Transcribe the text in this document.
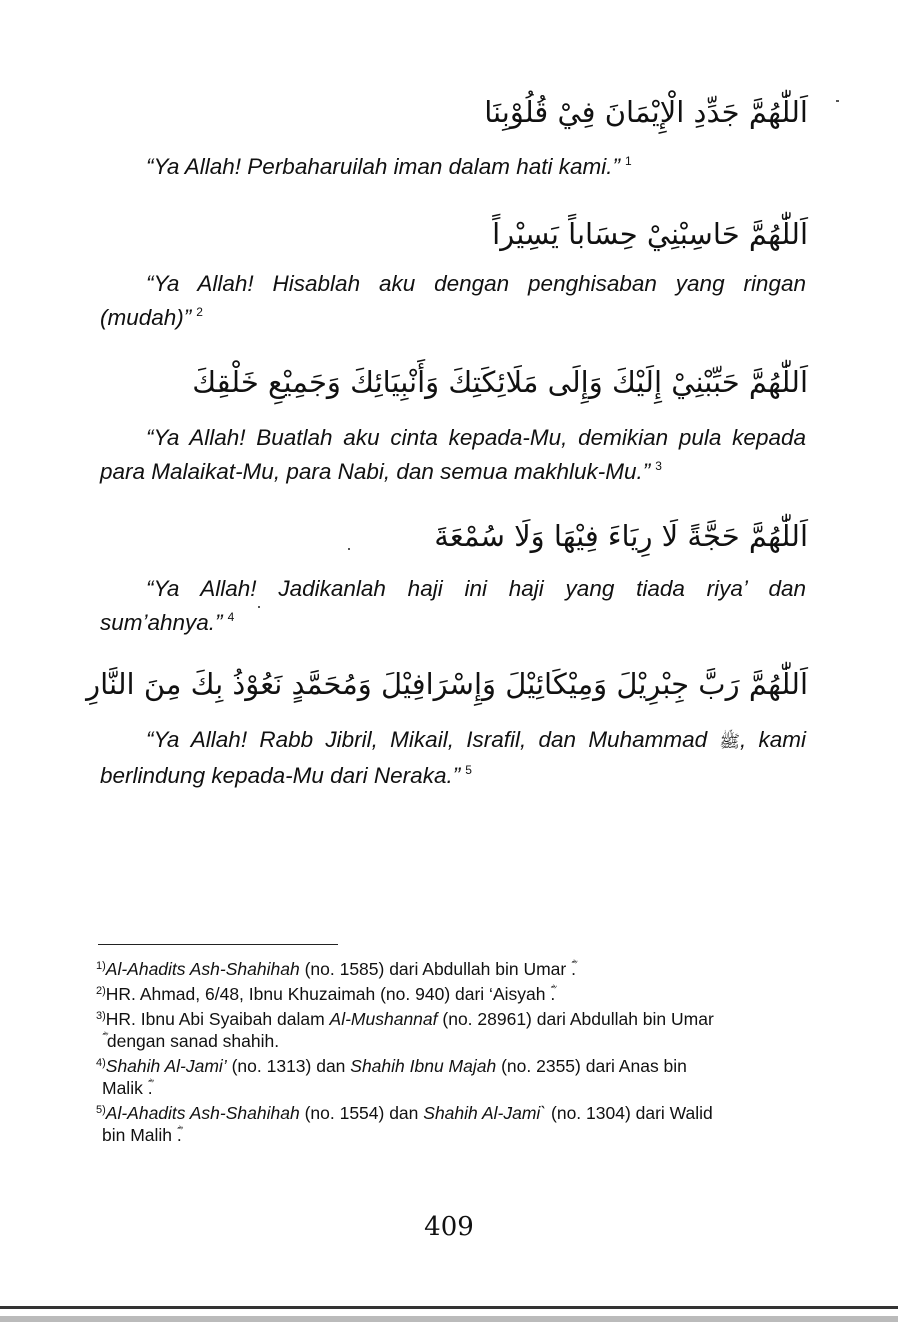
اَللّٰهُمَّ جَدِّدِ الْإِيْمَانَ فِيْ قُلُوْبِنَا
“Ya Allah! Perbaharuilah iman dalam hati kami.” $^1$
اَللّٰهُمَّ حَاسِبْنِيْ حِسَاباً يَسِيْراً
“Ya Allah! Hisablah aku dengan penghisaban yang ringan (mudah)” $^2$
اَللّٰهُمَّ حَبِّبْنِيْ إِلَيْكَ وَإِلَى مَلَائِكَتِكَ وَأَنْبِيَائِكَ وَجَمِيْعِ خَلْقِكَ
“Ya Allah! Buatlah aku cinta kepada-Mu, demikian pula kepada para Malaikat-Mu, para Nabi, dan semua makhluk-Mu.” $^3$
اَللّٰهُمَّ حَجَّةً لَا رِيَاءَ فِيْهَا وَلَا سُمْعَةَ
“Ya Allah! Jadikanlah haji ini haji yang tiada riya’ dan sum’ahnya.” $^4$
اَللّٰهُمَّ رَبَّ جِبْرِيْلَ وَمِيْكَائِيْلَ وَإِسْرَافِيْلَ وَمُحَمَّدٍ نَعُوْذُ بِكَ مِنَ النَّارِ
“Ya Allah! Rabb Jibril, Mikail, Israfil, dan Muhammad ﷺ, kami berlindung kepada-Mu dari Neraka.” $^5$
$^{1)}$Al-Ahadits Ash-Shahihah (no. 1585) dari Abdullah bin Umar ؓ.
$^{2)}$HR. Ahmad, 6/48, Ibnu Khuzaimah (no. 940) dari ‘Aisyah ؓ.
$^{3)}$HR. Ibnu Abi Syaibah dalam Al-Mushannaf (no. 28961) dari Abdullah bin Umar
ؓ dengan sanad shahih.
$^{4)}$Shahih Al-Jami’ (no. 1313) dan Shahih Ibnu Majah (no. 2355) dari Anas bin
Malik ؓ.
$^{5)}$Al-Ahadits Ash-Shahihah (no. 1554) dan Shahih Al-Jami` (no. 1304) dari Walid
bin Malih ؓ.
409
